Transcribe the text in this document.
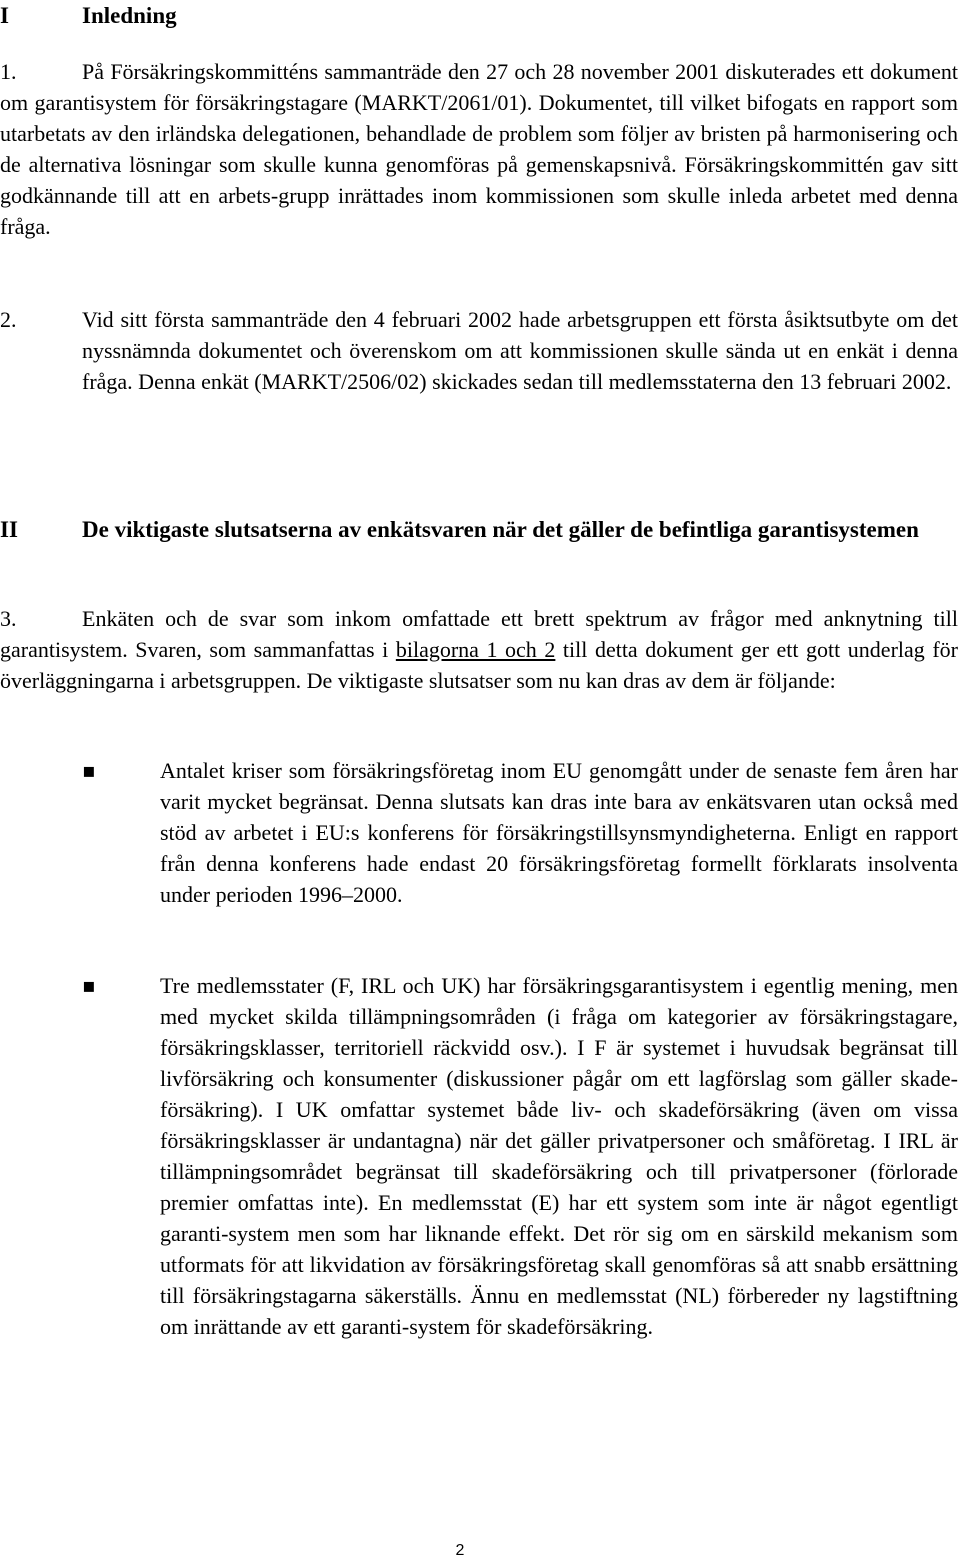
I	Inledning
1.	På Försäkringskommitténs sammanträde den 27 och 28 november 2001 diskuterades ett dokument om garantisystem för försäkringstagare (MARKT/2061/01). Dokumentet, till vilket bifogats en rapport som utarbetats av den irländska delegationen, behandlade de problem som följer av bristen på harmonisering och de alternativa lösningar som skulle kunna genomföras på gemenskapsnivå. Försäkringskommittén gav sitt godkännande till att en arbets-grupp inrättades inom kommissionen som skulle inleda arbetet med denna fråga.
2.	Vid sitt första sammanträde den 4 februari 2002 hade arbetsgruppen ett första åsiktsutbyte om det nyssnämnda dokumentet och överenskom om att kommissionen skulle sända ut en enkät i denna fråga. Denna enkät (MARKT/2506/02) skickades sedan till medlemsstaterna den 13 februari 2002.
II	De viktigaste slutsatserna av enkätsvaren när det gäller de befintliga garantisystemen
3.	Enkäten och de svar som inkom omfattade ett brett spektrum av frågor med anknytning till garantisystem. Svaren, som sammanfattas i bilagorna 1 och 2 till detta dokument ger ett gott underlag för överläggningarna i arbetsgruppen. De viktigaste slutsatser som nu kan dras av dem är följande:
▪	Antalet kriser som försäkringsföretag inom EU genomgått under de senaste fem åren har varit mycket begränsat. Denna slutsats kan dras inte bara av enkätsvaren utan också med stöd av arbetet i EU:s konferens för försäkringstillsynsmyndigheterna. Enligt en rapport från denna konferens hade endast 20 försäkringsföretag formellt förklarats insolventa under perioden 1996–2000.
▪	Tre medlemsstater (F, IRL och UK) har försäkringsgarantisystem i egentlig mening, men med mycket skilda tillämpningsområden (i fråga om kategorier av försäkringstagare, försäkringsklasser, territoriell räckvidd osv.). I F är systemet i huvudsak begränsat till livförsäkring och konsumenter (diskussioner pågår om ett lagförslag som gäller skade-försäkring). I UK omfattar systemet både liv- och skadeförsäkring (även om vissa försäkringsklasser är undantagna) när det gäller privatpersoner och småföretag. I IRL är tillämpningsområdet begränsat till skadeförsäkring och till privatpersoner (förlorade premier omfattas inte). En medlemsstat (E) har ett system som inte är något egentligt garanti-system men som har liknande effekt. Det rör sig om en särskild mekanism som utformats för att likvidation av försäkringsföretag skall genomföras så att snabb ersättning till försäkringstagarna säkerställs. Ännu en medlemsstat (NL) förbereder ny lagstiftning om inrättande av ett garanti-system för skadeförsäkring.
2
